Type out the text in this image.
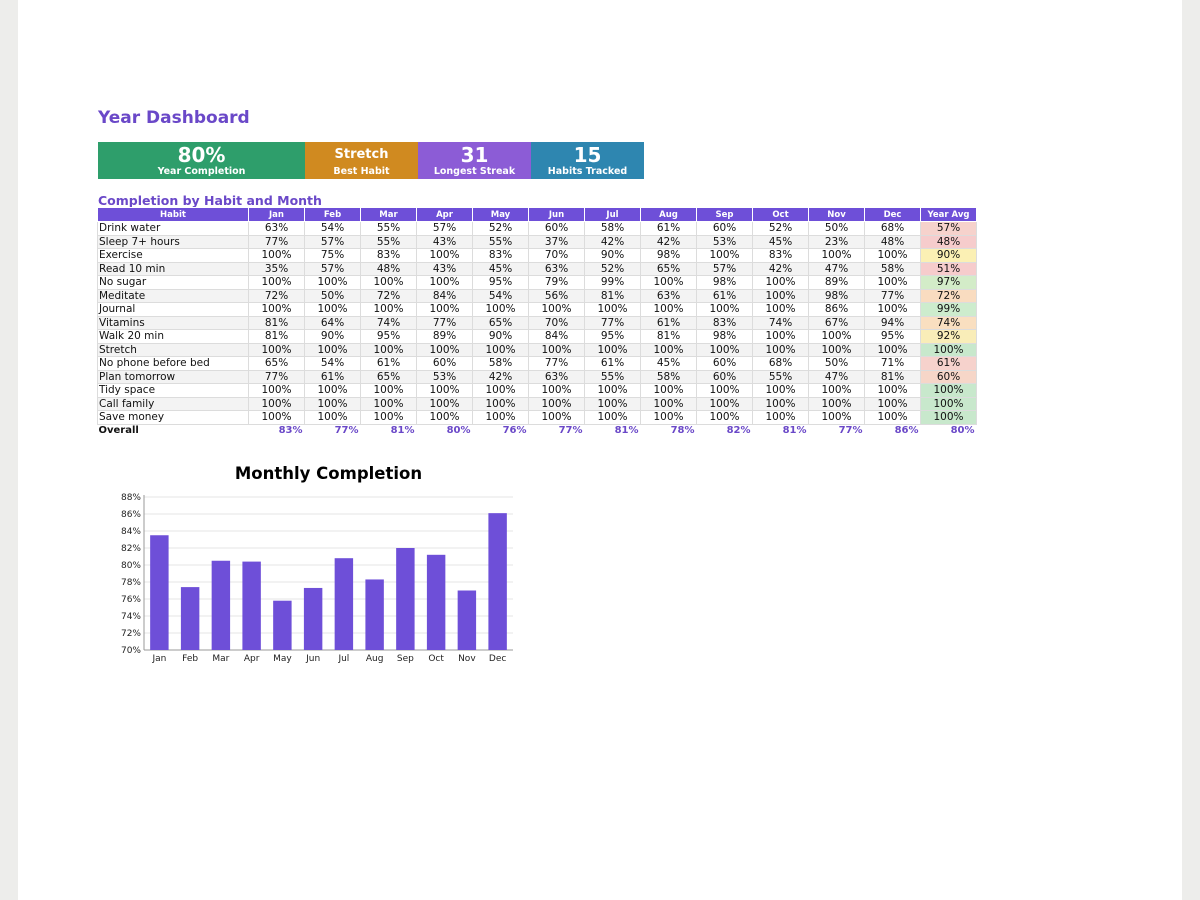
Year Dashboard
80%
Year Completion
Stretch
Best Habit
31
Longest Streak
15
Habits Tracked
Completion by Habit and Month
Habit	Jan	Feb	Mar	Apr	May	Jun	Jul	Aug	Sep	Oct	Nov	Dec	Year Avg
Drink water	63%	54%	55%	57%	52%	60%	58%	61%	60%	52%	50%	68%	57%
Sleep 7+ hours	77%	57%	55%	43%	55%	37%	42%	42%	53%	45%	23%	48%	48%
Exercise	100%	75%	83%	100%	83%	70%	90%	98%	100%	83%	100%	100%	90%
Read 10 min	35%	57%	48%	43%	45%	63%	52%	65%	57%	42%	47%	58%	51%
No sugar	100%	100%	100%	100%	95%	79%	99%	100%	98%	100%	89%	100%	97%
Meditate	72%	50%	72%	84%	54%	56%	81%	63%	61%	100%	98%	77%	72%
Journal	100%	100%	100%	100%	100%	100%	100%	100%	100%	100%	86%	100%	99%
Vitamins	81%	64%	74%	77%	65%	70%	77%	61%	83%	74%	67%	94%	74%
Walk 20 min	81%	90%	95%	89%	90%	84%	95%	81%	98%	100%	100%	95%	92%
Stretch	100%	100%	100%	100%	100%	100%	100%	100%	100%	100%	100%	100%	100%
No phone before bed	65%	54%	61%	60%	58%	77%	61%	45%	60%	68%	50%	71%	61%
Plan tomorrow	77%	61%	65%	53%	42%	63%	55%	58%	60%	55%	47%	81%	60%
Tidy space	100%	100%	100%	100%	100%	100%	100%	100%	100%	100%	100%	100%	100%
Call family	100%	100%	100%	100%	100%	100%	100%	100%	100%	100%	100%	100%	100%
Save money	100%	100%	100%	100%	100%	100%	100%	100%	100%	100%	100%	100%	100%
Overall	83%	77%	81%	80%	76%	77%	81%	78%	82%	81%	77%	86%	80%
Monthly Completion
70%
72%
74%
76%
78%
80%
82%
84%
86%
88%
Jan Feb Mar Apr May Jun Jul Aug Sep Oct Nov Dec
